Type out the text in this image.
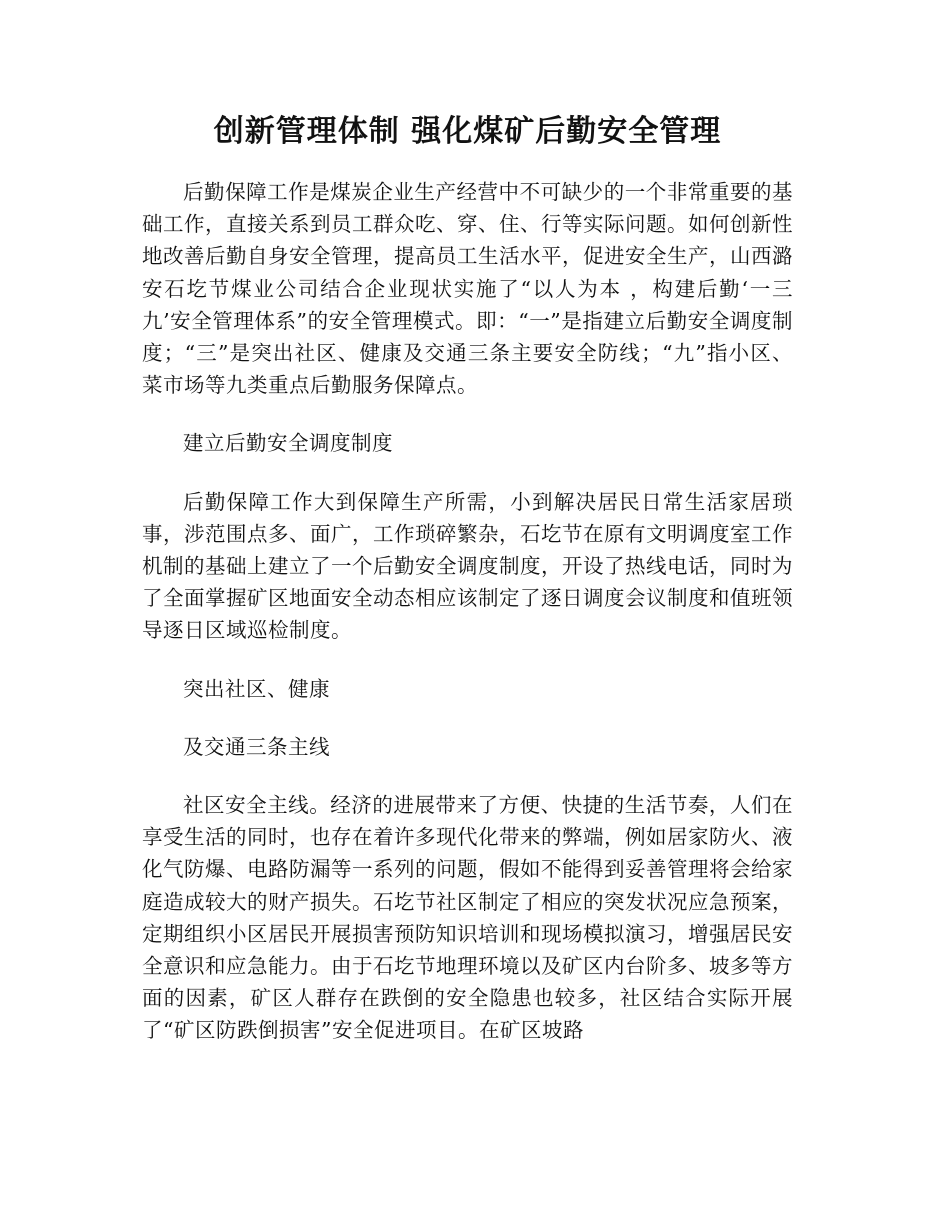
创新管理体制 强化煤矿后勤安全管理

后勤保障工作是煤炭企业生产经营中不可缺少的一个非常重要的基础工作，直接关系到员工群众吃、穿、住、行等实际问题。如何创新性地改善后勤自身安全管理，提高员工生活水平，促进安全生产，山西潞安石圪节煤业公司结合企业现状实施了“以人为本 ，构建后勤‘一三九’安全管理体系”的安全管理模式。即：“一”是指建立后勤安全调度制度；“三”是突出社区、健康及交通三条主要安全防线；“九”指小区、菜市场等九类重点后勤服务保障点。

建立后勤安全调度制度

后勤保障工作大到保障生产所需，小到解决居民日常生活家居琐事，涉范围点多、面广，工作琐碎繁杂，石圪节在原有文明调度室工作机制的基础上建立了一个后勤安全调度制度，开设了热线电话，同时为了全面掌握矿区地面安全动态相应该制定了逐日调度会议制度和值班领导逐日区域巡检制度。

突出社区、健康

及交通三条主线

社区安全主线。经济的进展带来了方便、快捷的生活节奏，人们在享受生活的同时，也存在着许多现代化带来的弊端，例如居家防火、液化气防爆、电路防漏等一系列的问题，假如不能得到妥善管理将会给家庭造成较大的财产损失。石圪节社区制定了相应的突发状况应急预案，定期组织小区居民开展损害预防知识培训和现场模拟演习，增强居民安全意识和应急能力。由于石圪节地理环境以及矿区内台阶多、坡多等方面的因素，矿区人群存在跌倒的安全隐患也较多，社区结合实际开展了“矿区防跌倒损害”安全促进项目。在矿区坡路
